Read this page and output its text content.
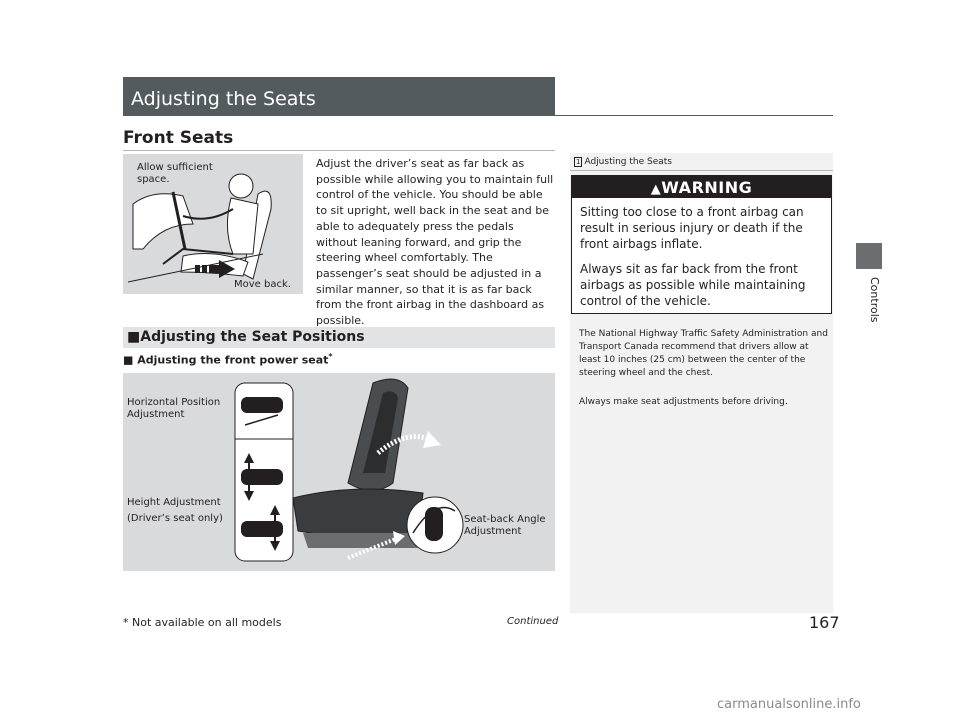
Adjusting the Seats
Front Seats
Controls
Allow sufficient space.
Move back.
Adjust the driver’s seat as far back as possible while allowing you to maintain full control of the vehicle. You should be able to sit upright, well back in the seat and be able to adequately press the pedals without leaning forward, and grip the steering wheel comfortably. The passenger’s seat should be adjusted in a similar manner, so that it is as far back from the front airbag in the dashboard as possible.
■Adjusting the Seat Positions
■ Adjusting the front power seat*
Horizontal Position Adjustment
Height Adjustment
(Driver’s seat only)	Seat-back Angle Adjustment
1 Adjusting the Seats
▲WARNING
Sitting too close to a front airbag can result in serious injury or death if the front airbags inflate.
Always sit as far back from the front airbags as possible while maintaining control of the vehicle.
The National Highway Traffic Safety Administration and Transport Canada recommend that drivers allow at least 10 inches (25 cm) between the center of the steering wheel and the chest.
Always make seat adjustments before driving.
Continued	167
* Not available on all models
carmanualsonline.info
